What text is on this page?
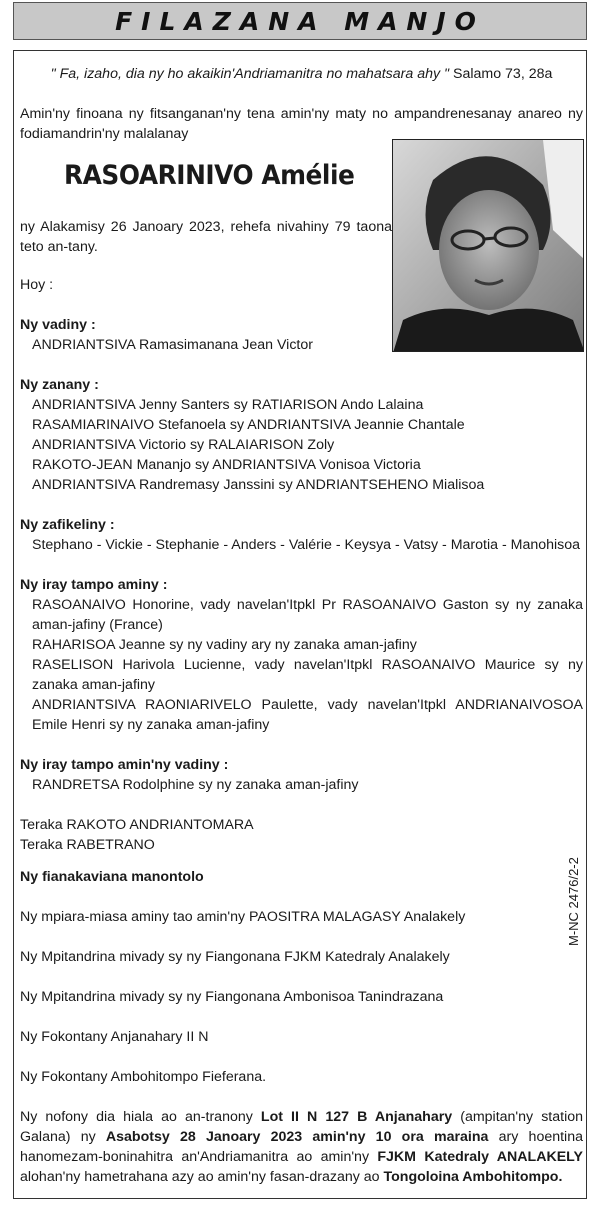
FILAZANA MANJO

" Fa, izaho, dia ny ho akaikin'Andriamanitra no mahatsara ahy " Salamo 73, 28a

Amin'ny finoana ny fitsanganan'ny tena amin'ny maty no ampandrenesanay anareo ny fodiamandrin'ny malalanay

RASOARINIVO Amélie

ny Alakamisy 26 Janoary 2023, rehefa nivahiny 79 taona teto an-tany.

Hoy :

Ny vadiny :

ANDRIANTSIVA Ramasimanana Jean Victor

Ny zanany :

ANDRIANTSIVA Jenny Santers sy RATIARISON Ando Lalaina

RASAMIARINAIVO Stefanoela sy ANDRIANTSIVA Jeannie Chantale

ANDRIANTSIVA Victorio sy RALAIARISON Zoly

RAKOTO-JEAN Mananjo sy ANDRIANTSIVA Vonisoa Victoria

ANDRIANTSIVA Randremasy Janssini sy ANDRIANTSEHENO Mialisoa

Ny zafikeliny :

Stephano - Vickie - Stephanie - Anders - Valérie - Keysya - Vatsy - Marotia - Manohisoa

Ny iray tampo aminy :

RASOANAIVO Honorine, vady navelan'Itpkl Pr RASOANAIVO Gaston sy ny zanaka aman-jafiny (France)

RAHARISOA Jeanne sy ny vadiny ary ny zanaka aman-jafiny

RASELISON Harivola Lucienne, vady navelan'Itpkl RASOANAIVO Maurice sy ny zanaka aman-jafiny

ANDRIANTSIVA RAONIARIVELO Paulette, vady navelan'Itpkl ANDRIANAIVOSOA Emile Henri sy ny zanaka aman-jafiny

Ny iray tampo amin'ny vadiny :

RANDRETSA Rodolphine sy ny zanaka aman-jafiny

Teraka RAKOTO ANDRIANTOMARA

Teraka RABETRANO

Ny fianakaviana manontolo

Ny mpiara-miasa aminy tao amin'ny PAOSITRA MALAGASY Analakely

Ny Mpitandrina mivady sy ny Fiangonana FJKM Katedraly Analakely

Ny Mpitandrina mivady sy ny Fiangonana Ambonisoa Tanindrazana

Ny Fokontany Anjanahary II N

Ny Fokontany Ambohitompo Fieferana.

Ny nofony dia hiala ao an-tranony Lot II N 127 B Anjanahary (ampitan'ny station Galana) ny Asabotsy 28 Janoary 2023 amin'ny 10 ora maraina ary hoentina hanomezam-boninahitra an'Andriamanitra ao amin'ny FJKM Katedraly ANALAKELY alohan'ny hametrahana azy ao amin'ny fasan-drazany ao Tongoloina Ambohitompo.

M-NC 2476/2-2
